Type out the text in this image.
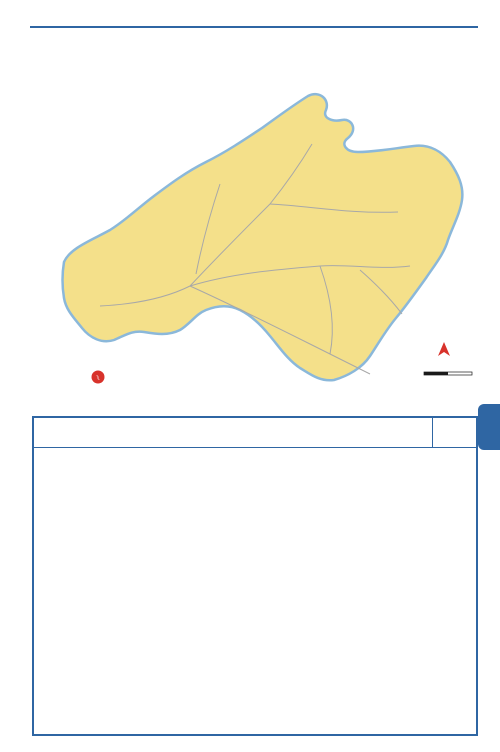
⑊
